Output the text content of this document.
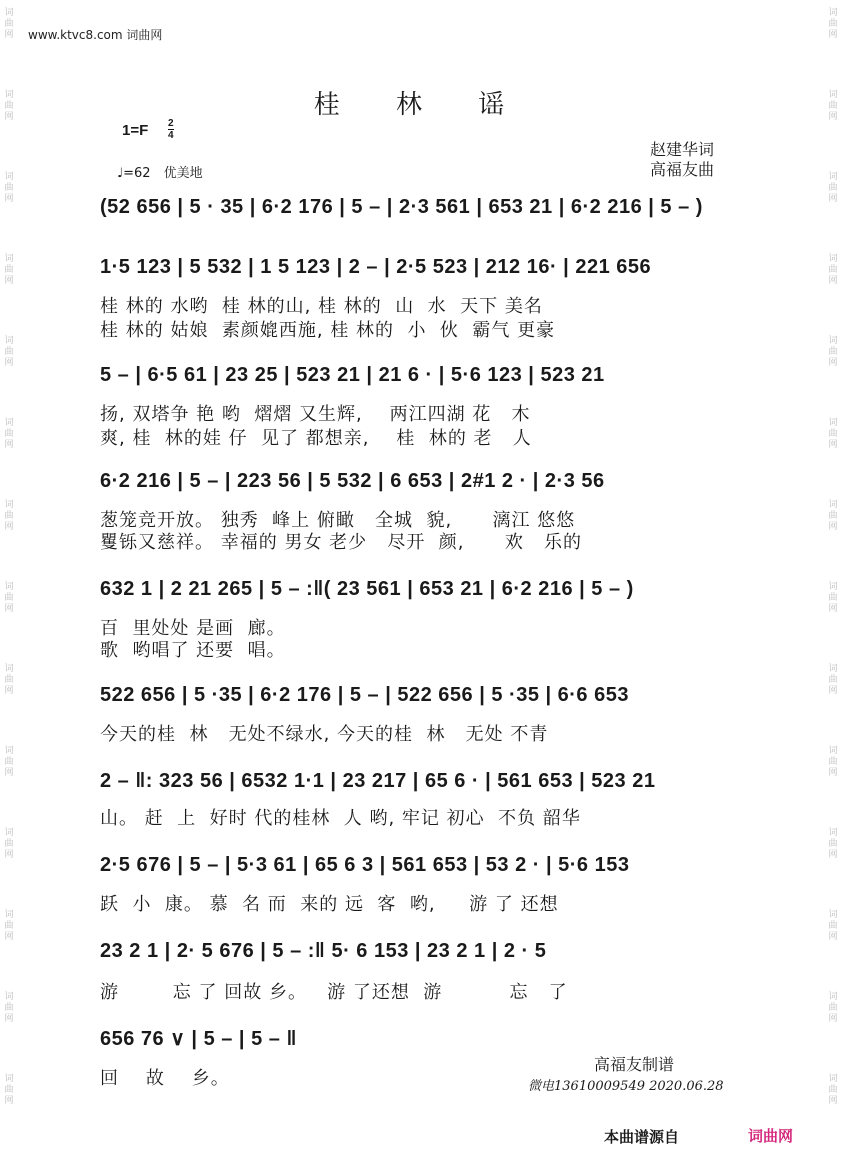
词
曲
网
词
曲
网
词
曲
网
词
曲
网
词
曲
网
词
曲
网
词
曲
网
词
曲
网
词
曲
网
词
曲
网
词
曲
网
词
曲
网
词
曲
网
词
曲
网
词
曲
网
词
曲
网
词
曲
网
词
曲
网
词
曲
网
词
曲
网
词
曲
网
词
曲
网
词
曲
网
词
曲
网
词
曲
网
词
曲
网
词
曲
网
词
曲
网
www.ktvc8.com 词曲网
桂 林 谣
$1=F \frac{2}{4}$
♩=62　优美地
赵建华词
高福友曲
(52 656 | 5 · 35 | 6·2 176 | 5 – | 2·3 561 | 653 21 | 6·2 216 | 5 – )
1·5 123 | 5 532 | 1 5 123 | 2 – | 2·5 523 | 212 16· | 221 656
桂 林的 水哟  桂 林的山, 桂 林的  山  水  天下 美名
桂 林的 姑娘  素颜媲西施, 桂 林的  小  伙  霸气 更豪
5 – | 6·5 61 | 23 25 | 523 21 | 21 6 · | 5·6 123 | 523 21
扬, 双塔争 艳 哟  熠熠 又生辉,    两江四湖 花   木
爽, 桂  林的娃 仔  见了 都想亲,    桂  林的 老   人
6·2 216 | 5 – | 223 56 | 5 532 | 6 653 | 2#1 2 · | 2·3 56
葱笼竞开放。 独秀  峰上 俯瞰   全城  貌,      漓江 悠悠
矍铄又慈祥。 幸福的 男女 老少   尽开  颜,      欢   乐的
632 1 | 2 21 265 | 5 – :‖( 23 561 | 653 21 | 6·2 216 | 5 – )
百  里处处 是画  廊。
歌  哟唱了 还要  唱。
522 656 | 5 ·35 | 6·2 176 | 5 – | 522 656 | 5 ·35 | 6·6 653
今天的桂  林   无处不绿水, 今天的桂  林   无处 不青
2 – ‖: 323 56 | 6532 1·1 | 23 217 | 65 6 · | 561 653 | 523 21
山。 赶  上  好时 代的桂林  人 哟, 牢记 初心  不负 韶华
2·5 676 | 5 – | 5·3 61 | 65 6 3 | 561 653 | 53 2 · | 5·6 153
跃  小  康。 慕  名 而  来的 远  客  哟,     游 了 还想
23 2 1 | 2· 5 676 | 5 – :‖ 5· 6 153 | 23 2 1 | 2 · 5
游        忘 了 回故 乡。   游 了还想  游          忘   了
656 76 ∨ | 5 – | 5 – ‖
回    故    乡。
高福友制谱
微电13610009549 2020.06.28
本曲谱源自	词曲网
